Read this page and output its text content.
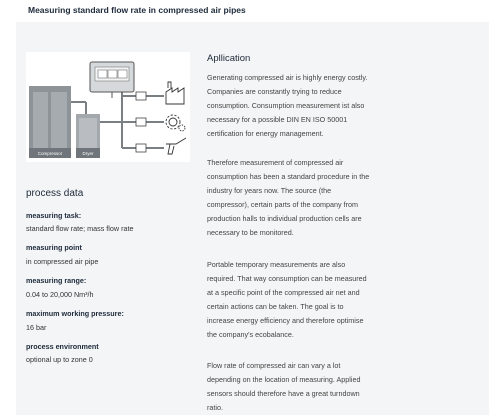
Measuring standard flow rate in compressed air pipes
Compressor	Dryer
process data
measuring task:
standard flow rate; mass flow rate
measuring point
in compressed air pipe
measuring range:
0.04 to 20,000 Nm³/h
maximum working pressure:
16 bar
process environment
optional up to zone 0
Apllication
Generating compressed air is highly energy costly. Companies are constantly trying to reduce consumption. Consumption measurement ist also necessary for a possible DIN EN ISO 50001 certification for energy management.
Therefore measurement of compressed air consumption has been a standard procedure in the industry for years now. The source (the compressor), certain parts of the company from production halls to individual production cells are necessary to be monitored.
Portable temporary measurements are also required. That way consumption can be measured at a specific point of the compressed air net and certain actions can be taken. The goal is to increase energy efficiency and therefore optimise the company's ecobalance.
Flow rate of compressed air can vary a lot depending on the location of measuring. Applied sensors should therefore have a great turndown ratio.
